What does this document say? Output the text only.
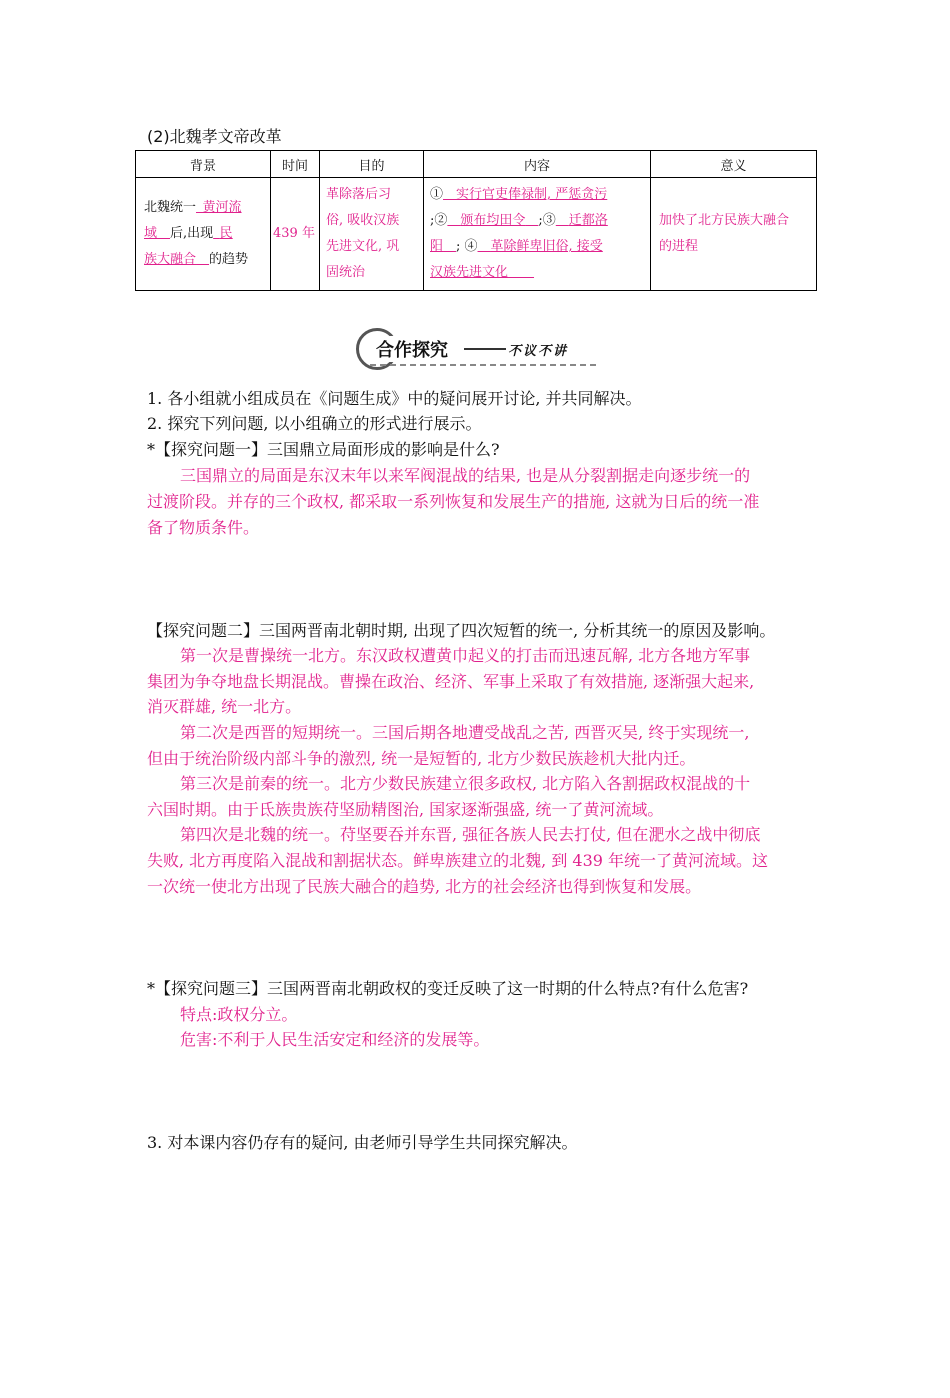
(2)北魏孝文帝改革
背景	时间	目的	内容	意义
北魏统一  黄河流
域   后,出现  民
族大融合   的趋势	439 年	革除落后习
俗, 吸收汉族
先进文化, 巩
固统治	①   实行官吏俸禄制, 严惩贪污
;②   颁布均田令   ;③   迁都洛
阳   ; ④   革除鲜卑旧俗, 接受
汉族先进文化    	加快了北方民族大融合
的进程
合作探究	不议不讲
1. 各小组就小组成员在《问题生成》中的疑问展开讨论, 并共同解决。
2. 探究下列问题, 以小组确立的形式进行展示。
*【探究问题一】三国鼎立局面形成的影响是什么?
三国鼎立的局面是东汉末年以来军阀混战的结果, 也是从分裂割据走向逐步统一的
过渡阶段。并存的三个政权, 都采取一系列恢复和发展生产的措施, 这就为日后的统一准
备了物质条件。
【探究问题二】三国两晋南北朝时期, 出现了四次短暂的统一, 分析其统一的原因及影响。
第一次是曹操统一北方。东汉政权遭黄巾起义的打击而迅速瓦解, 北方各地方军事
集团为争夺地盘长期混战。曹操在政治、经济、军事上采取了有效措施, 逐渐强大起来,
消灭群雄, 统一北方。
第二次是西晋的短期统一。三国后期各地遭受战乱之苦, 西晋灭吴, 终于实现统一,
但由于统治阶级内部斗争的激烈, 统一是短暂的, 北方少数民族趁机大批内迁。
第三次是前秦的统一。北方少数民族建立很多政权, 北方陷入各割据政权混战的十
六国时期。由于氐族贵族苻坚励精图治, 国家逐渐强盛, 统一了黄河流域。
第四次是北魏的统一。苻坚要吞并东晋, 强征各族人民去打仗, 但在淝水之战中彻底
失败, 北方再度陷入混战和割据状态。鲜卑族建立的北魏, 到 439 年统一了黄河流域。这
一次统一使北方出现了民族大融合的趋势, 北方的社会经济也得到恢复和发展。
*【探究问题三】三国两晋南北朝政权的变迁反映了这一时期的什么特点?有什么危害?
特点:政权分立。
危害:不利于人民生活安定和经济的发展等。
3. 对本课内容仍存有的疑问, 由老师引导学生共同探究解决。
